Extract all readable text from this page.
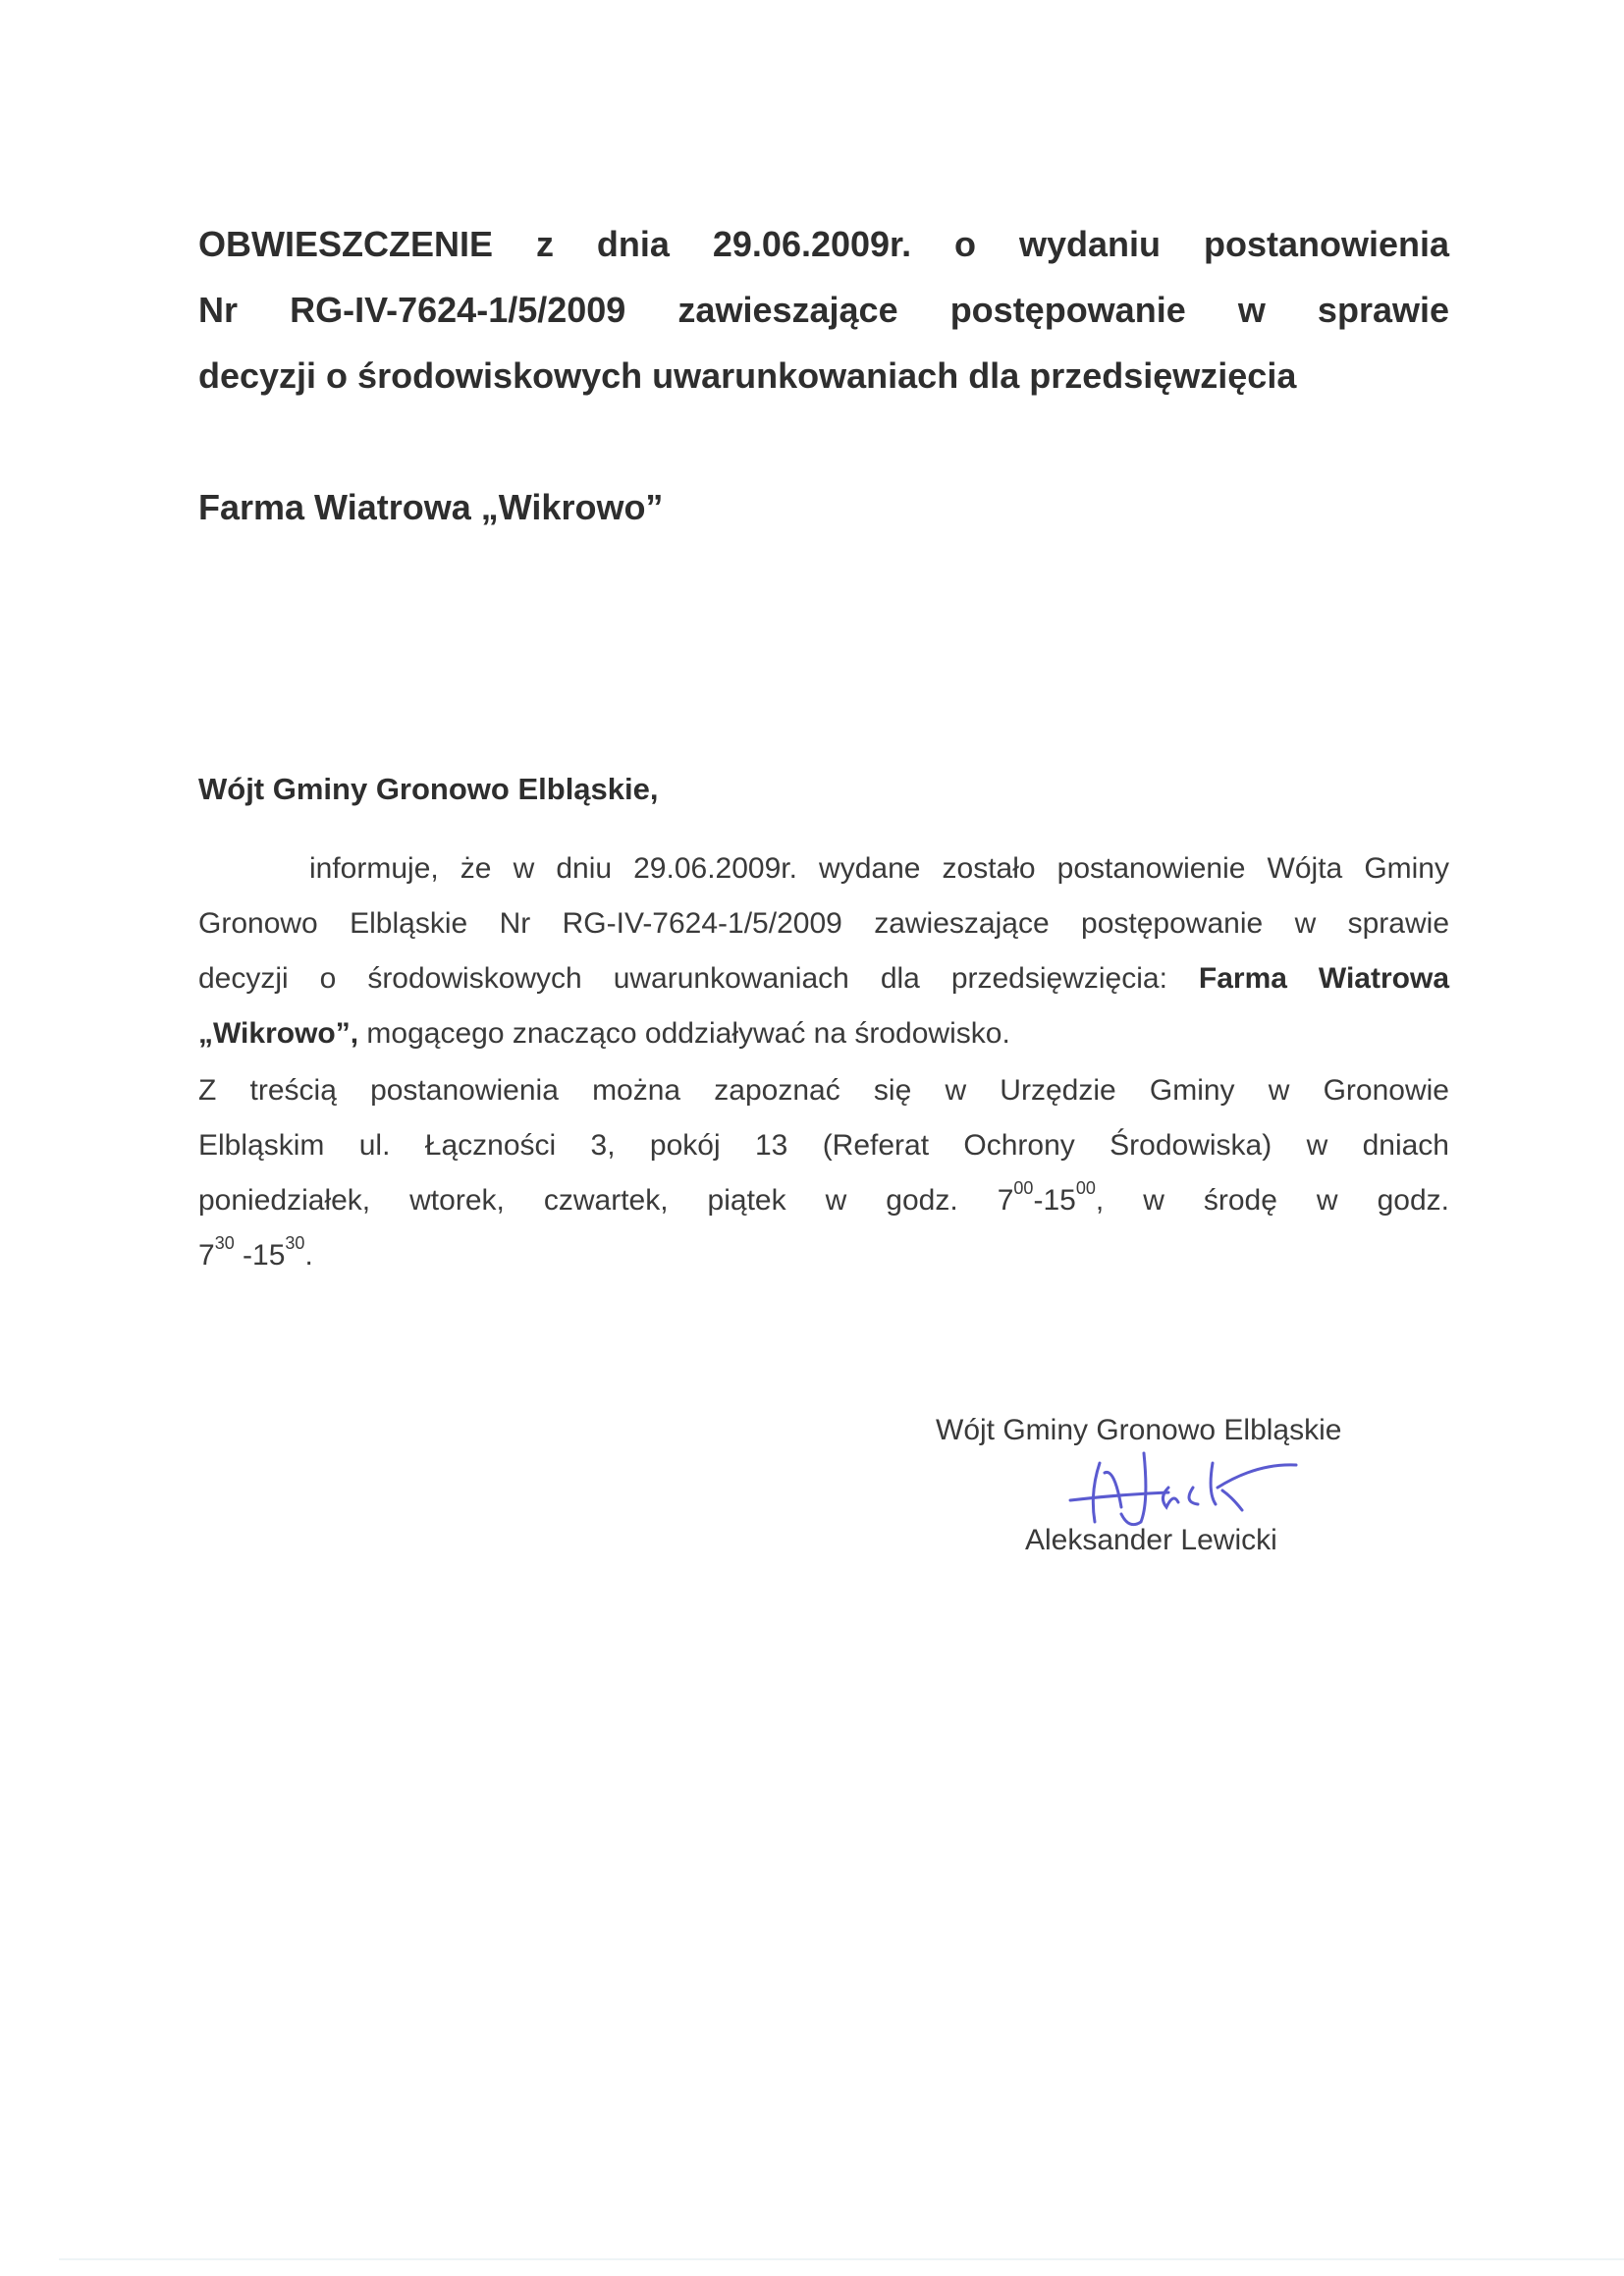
OBWIESZCZENIE z dnia 29.06.2009r. o wydaniu postanowienia
Nr RG-IV-7624-1/5/2009 zawieszające postępowanie w sprawie
decyzji o środowiskowych uwarunkowaniach dla przedsięwzięcia
Farma Wiatrowa „Wikrowo”
Wójt Gminy Gronowo Elbląskie,
informuje, że w dniu 29.06.2009r. wydane zostało postanowienie Wójta Gminy
Gronowo Elbląskie Nr RG-IV-7624-1/5/2009 zawieszające postępowanie w sprawie
decyzji o środowiskowych uwarunkowaniach dla przedsięwzięcia: Farma Wiatrowa
„Wikrowo”, mogącego znacząco oddziaływać na środowisko.
Z treścią postanowienia można zapoznać się w Urzędzie Gminy w Gronowie
Elbląskim ul. Łączności 3, pokój 13 (Referat Ochrony Środowiska) w dniach
poniedziałek, wtorek, czwartek, piątek w godz. $7^{00}-15^{00}$, w środę w godz.
$7^{30}$ $-15^{30}$.
Wójt Gminy Gronowo Elbląskie
Aleksander Lewicki
